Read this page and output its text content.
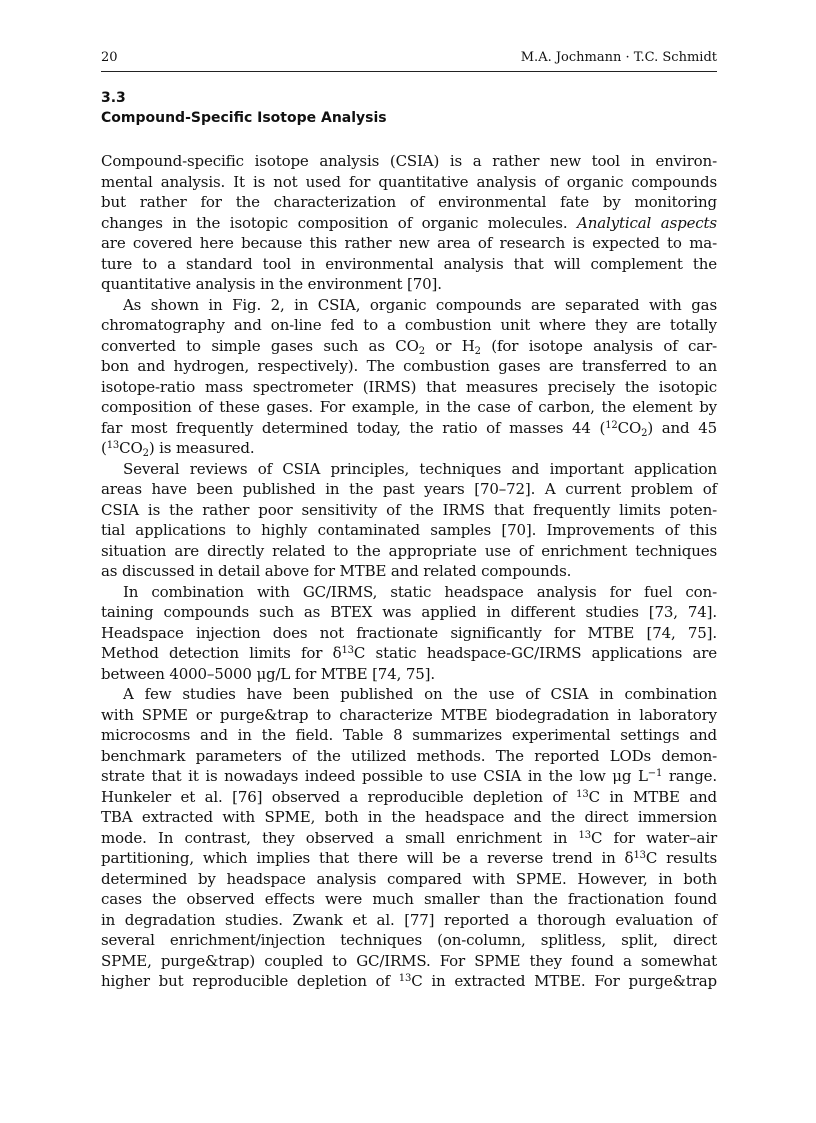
20	M.A. Jochmann · T.C. Schmidt
3.3
Compound-Specific Isotope Analysis

Compound-specific isotope analysis (CSIA) is a rather new tool in environ-

mental analysis. It is not used for quantitative analysis of organic compounds

but rather for the characterization of environmental fate by monitoring

changes in the isotopic composition of organic molecules. Analytical aspects

are covered here because this rather new area of research is expected to ma-

ture to a standard tool in environmental analysis that will complement the

quantitative analysis in the environment [70].

As shown in Fig. 2, in CSIA, organic compounds are separated with gas

chromatography and on-line fed to a combustion unit where they are totally

converted to simple gases such as $CO_2$ or $H_2$ (for isotope analysis of car-

bon and hydrogen, respectively). The combustion gases are transferred to an

isotope-ratio mass spectrometer (IRMS) that measures precisely the isotopic

composition of these gases. For example, in the case of carbon, the element by

far most frequently determined today, the ratio of masses 44 $(^{12}CO_2)$ and 45

$(^{13}CO_2)$ is measured.

Several reviews of CSIA principles, techniques and important application

areas have been published in the past years [70–72]. A current problem of

CSIA is the rather poor sensitivity of the IRMS that frequently limits poten-

tial applications to highly contaminated samples [70]. Improvements of this

situation are directly related to the appropriate use of enrichment techniques

as discussed in detail above for MTBE and related compounds.

In combination with GC/IRMS, static headspace analysis for fuel con-

taining compounds such as BTEX was applied in different studies [73, 74].

Headspace injection does not fractionate significantly for MTBE [74, 75].

Method detection limits for $\delta^{13}C$ static headspace-GC/IRMS applications are

between 4000–5000 μg/L for MTBE [74, 75].

A few studies have been published on the use of CSIA in combination

with SPME or purge&trap to characterize MTBE biodegradation in laboratory

microcosms and in the field. Table 8 summarizes experimental settings and

benchmark parameters of the utilized methods. The reported LODs demon-

strate that it is nowadays indeed possible to use CSIA in the low μg $L^{-1}$ range.

Hunkeler et al. [76] observed a reproducible depletion of $^{13}$C in MTBE and

TBA extracted with SPME, both in the headspace and the direct immersion

mode. In contrast, they observed a small enrichment in $^{13}$C for water–air

partitioning, which implies that there will be a reverse trend in $\delta^{13}C$ results

determined by headspace analysis compared with SPME. However, in both

cases the observed effects were much smaller than the fractionation found

in degradation studies. Zwank et al. [77] reported a thorough evaluation of

several enrichment/injection techniques (on-column, splitless, split, direct

SPME, purge&trap) coupled to GC/IRMS. For SPME they found a somewhat

higher but reproducible depletion of $^{13}$C in extracted MTBE. For purge&trap
